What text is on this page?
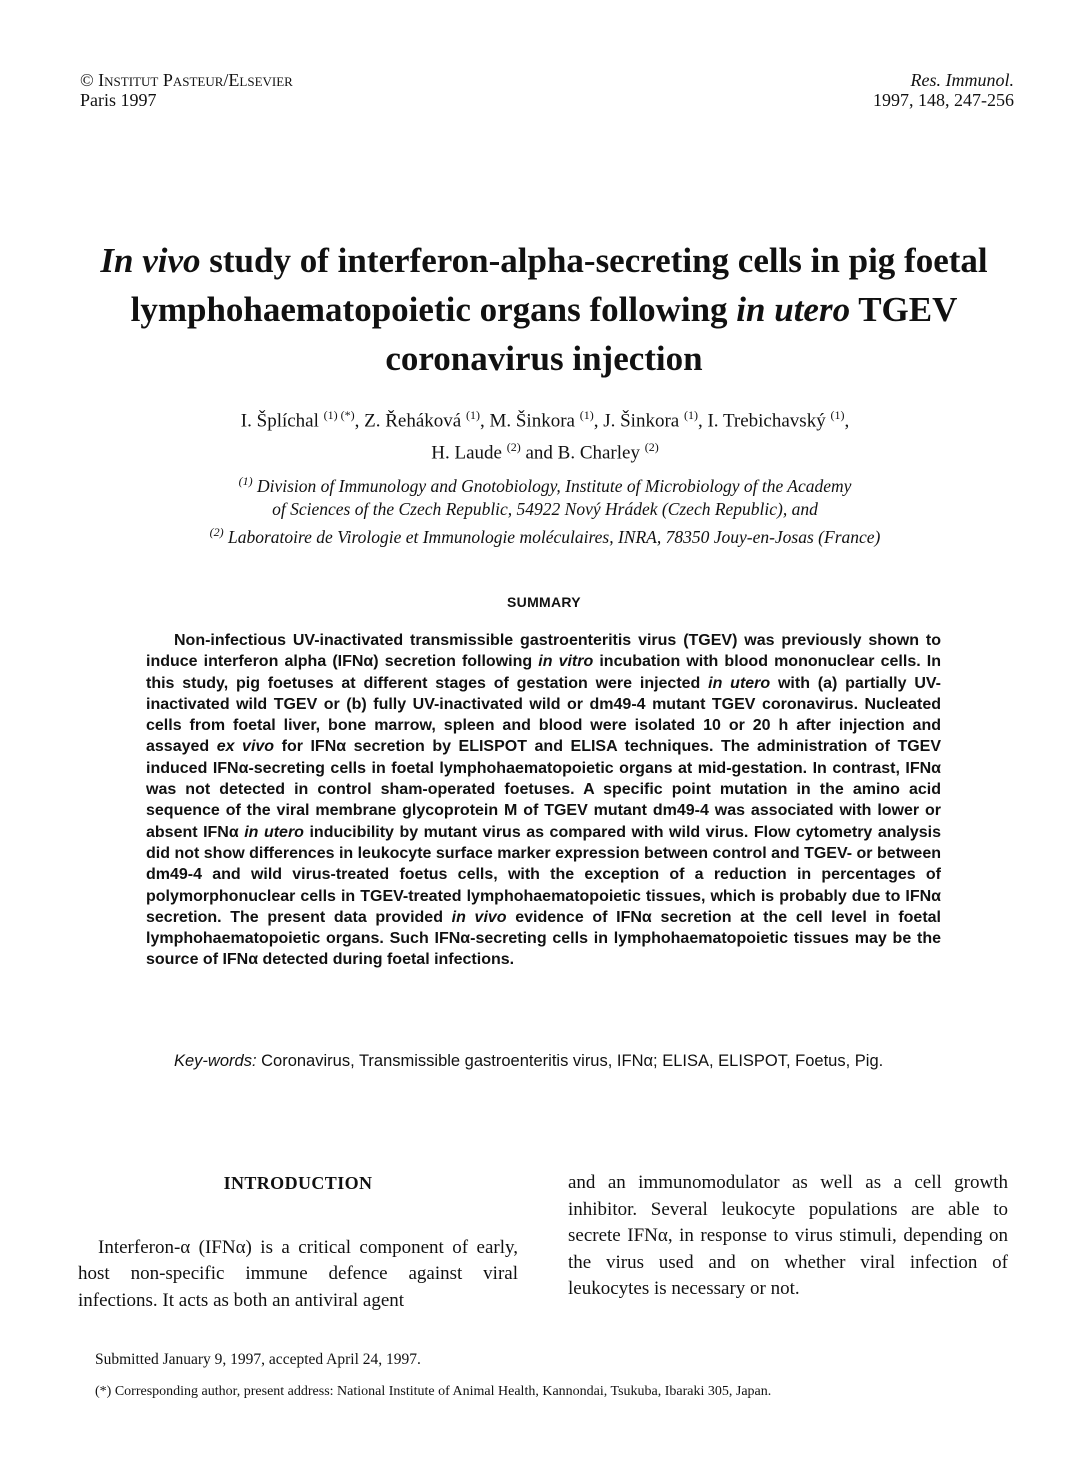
© Institut Pasteur/Elsevier
Paris 1997
Res. Immunol.
1997, 148, 247-256
In vivo study of interferon-alpha-secreting cells in pig foetal lymphohaematopoietic organs following in utero TGEV coronavirus injection
I. Šplíchal $^{(1) (*)}$, Z. Řeháková $^{(1)}$, M. Šinkora $^{(1)}$, J. Šinkora $^{(1)}$, I. Trebichavský $^{(1)}$,
H. Laude $^{(2)}$ and B. Charley $^{(2)}$
$^{(1)}$ Division of Immunology and Gnotobiology, Institute of Microbiology of the Academy
of Sciences of the Czech Republic, 54922 Nový Hrádek (Czech Republic), and
$^{(2)}$ Laboratoire de Virologie et Immunologie moléculaires, INRA, 78350 Jouy-en-Josas (France)
SUMMARY

Non-infectious UV-inactivated transmissible gastroenteritis virus (TGEV) was previously shown to induce interferon alpha (IFNα) secretion following in vitro incubation with blood mononuclear cells. In this study, pig foetuses at different stages of gestation were injected in utero with (a) partially UV-inactivated wild TGEV or (b) fully UV-inactivated wild or dm49-4 mutant TGEV coronavirus. Nucleated cells from foetal liver, bone marrow, spleen and blood were isolated 10 or 20 h after injection and assayed ex vivo for IFNα secretion by ELISPOT and ELISA techniques. The administration of TGEV induced IFNα-secreting cells in foetal lymphohaematopoietic organs at mid-gestation. In contrast, IFNα was not detected in control sham-operated foetuses. A specific point mutation in the amino acid sequence of the viral membrane glycoprotein M of TGEV mutant dm49-4 was associated with lower or absent IFNα in utero inducibility by mutant virus as compared with wild virus. Flow cytometry analysis did not show differences in leukocyte surface marker expression between control and TGEV- or between dm49-4 and wild virus-treated foetus cells, with the exception of a reduction in percentages of polymorphonuclear cells in TGEV-treated lymphohaematopoietic tissues, which is probably due to IFNα secretion. The present data provided in vivo evidence of IFNα secretion at the cell level in foetal lymphohaematopoietic organs. Such IFNα-secreting cells in lymphohaematopoietic tissues may be the source of IFNα detected during foetal infections.

Key-words: Coronavirus, Transmissible gastroenteritis virus, IFNα; ELISA, ELISPOT, Foetus, Pig.

INTRODUCTION

Interferon-α (IFNα) is a critical component of early, host non-specific immune defence against viral infections. It acts as both an antiviral agent

and an immunomodulator as well as a cell growth inhibitor. Several leukocyte populations are able to secrete IFNα, in response to virus stimuli, depending on the virus used and on whether viral infection of leukocytes is necessary or not.

Submitted January 9, 1997, accepted April 24, 1997.
(*) Corresponding author, present address: National Institute of Animal Health, Kannondai, Tsukuba, Ibaraki 305, Japan.
